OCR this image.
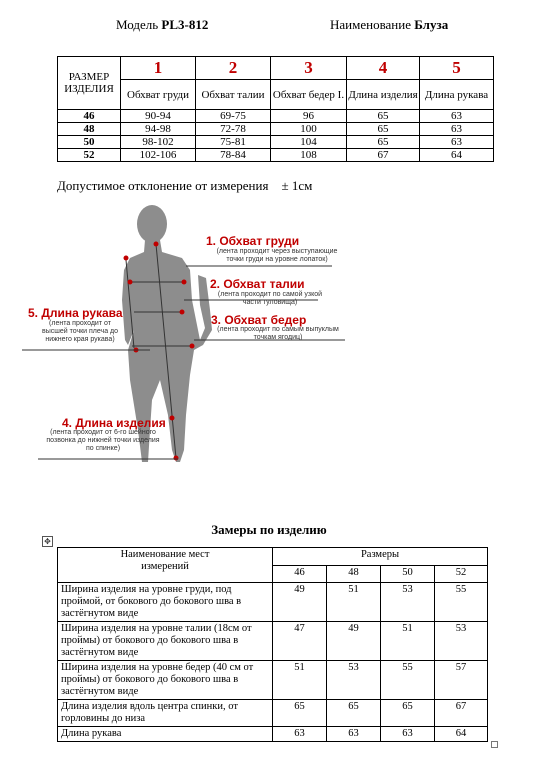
Модель PL3-812	Наименование Блуза
РАЗМЕР ИЗДЕЛИЯ	1	2	3	4	5
	Обхват груди	Обхват талии	Обхват бедер I.	Длина изделия	Длина рукава
46	90-94	69-75	96	65	63
48	94-98	72-78	100	65	63
50	98-102	75-81	104	65	63
52	102-106	78-84	108	67	64
Допустимое отклонение от измерения    ± 1см
1. Обхват груди
(лента проходит через выступающие точки груди на уровне лопаток)
2. Обхват талии
(лента проходит по самой узкой части туловища)
3. Обхват бедер
(лента проходит по самым выпуклым точкам ягодиц)
5. Длина рукава
(лента проходит от высшей точки плеча до нижнего края рукава)
4. Длина изделия
(лента проходит от 6-го шейного позвонка до нижней точки изделия по спинке)
Замеры по изделию
✥
Наименование мест измерений	Размеры			
	46	48	50	52
Ширина изделия на уровне груди, под проймой, от бокового до бокового шва в застёгнутом виде	49	51	53	55
Ширина изделия на уровне талии (18см от проймы) от бокового до бокового шва в застёгнутом виде	47	49	51	53
Ширина изделия на уровне бедер (40 см от проймы) от бокового до бокового шва в застёгнутом виде	51	53	55	57
Длина изделия вдоль центра спинки, от горловины до низа	65	65	65	67
Длина рукава	63	63	63	64
